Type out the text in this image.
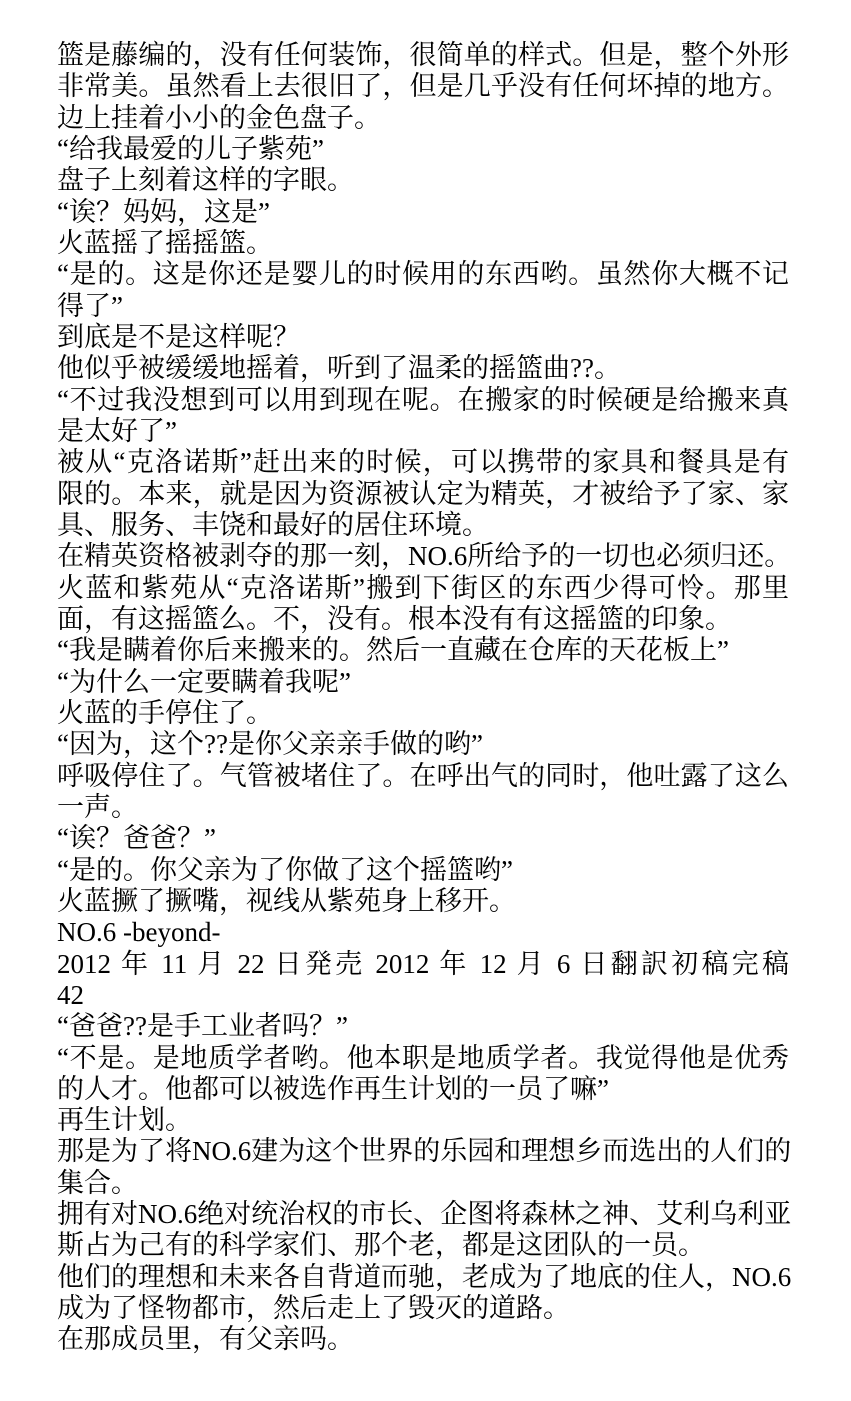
篮是藤编的，没有任何装饰，很简单的样式。但是，整个外形
非常美。虽然看上去很旧了，但是几乎没有任何坏掉的地方。
边上挂着小小的金色盘子。
“给我最爱的儿子紫苑”
盘子上刻着这样的字眼。
“诶？妈妈，这是”
火蓝摇了摇摇篮。
“是的。这是你还是婴儿的时候用的东西哟。虽然你大概不记
得了”
到底是不是这样呢？
他似乎被缓缓地摇着，听到了温柔的摇篮曲??。
“不过我没想到可以用到现在呢。在搬家的时候硬是给搬来真
是太好了”
被从“克洛诺斯”赶出来的时候，可以携带的家具和餐具是有
限的。本来，就是因为资源被认定为精英，才被给予了家、家
具、服务、丰饶和最好的居住环境。
在精英资格被剥夺的那一刻，NO.6所给予的一切也必须归还。
火蓝和紫苑从“克洛诺斯”搬到下街区的东西少得可怜。那里
面，有这摇篮么。不，没有。根本没有有这摇篮的印象。
“我是瞒着你后来搬来的。然后一直藏在仓库的天花板上”
“为什么一定要瞒着我呢”
火蓝的手停住了。
“因为，这个??是你父亲亲手做的哟”
呼吸停住了。气管被堵住了。在呼出气的同时，他吐露了这么
一声。
“诶？爸爸？”
“是的。你父亲为了你做了这个摇篮哟”
火蓝撅了撅嘴，视线从紫苑身上移开。
NO.6 -beyond-
2012 年 11 月 22 日発売 2012 年 12 月 6 日翻訳初稿完稿
42
“爸爸??是手工业者吗？”
“不是。是地质学者哟。他本职是地质学者。我觉得他是优秀
的人才。他都可以被选作再生计划的一员了嘛”
再生计划。
那是为了将NO.6建为这个世界的乐园和理想乡而选出的人们的
集合。
拥有对NO.6绝对统治权的市长、企图将森林之神、艾利乌利亚
斯占为己有的科学家们、那个老，都是这团队的一员。
他们的理想和未来各自背道而驰，老成为了地底的住人，NO.6
成为了怪物都市，然后走上了毁灭的道路。
在那成员里，有父亲吗。
